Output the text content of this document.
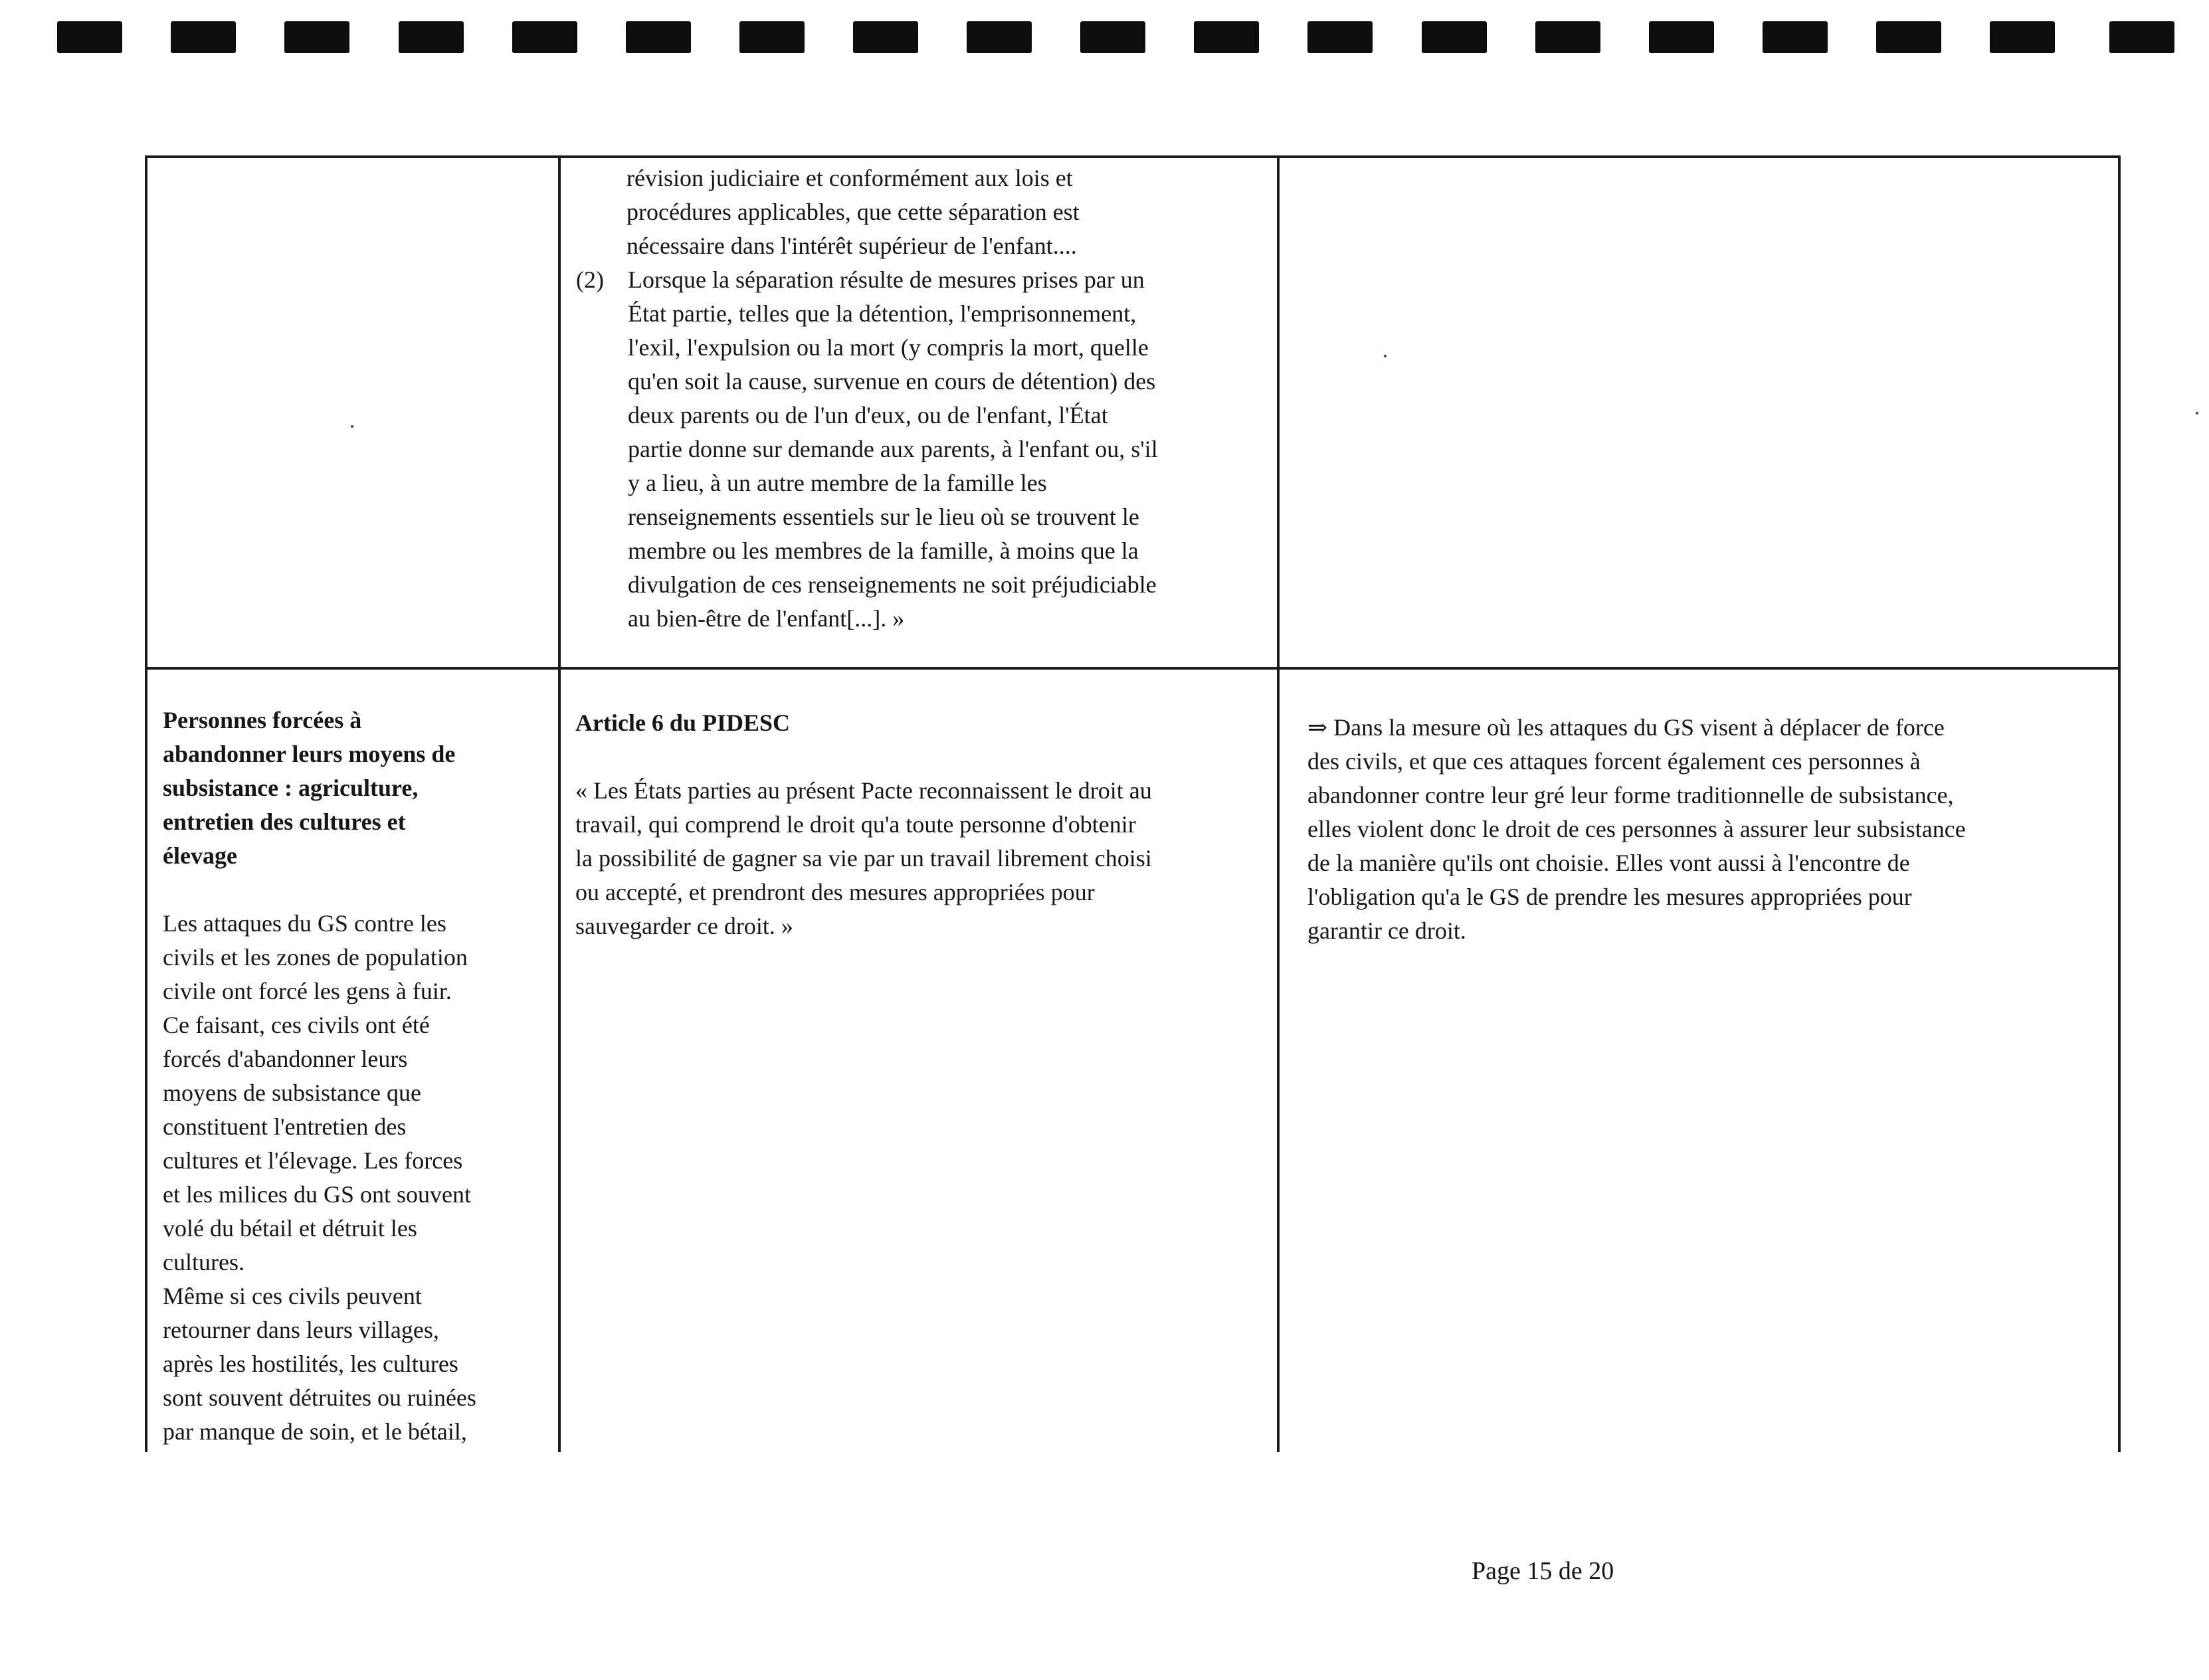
révision judiciaire et conformément aux lois et

procédures applicables, que cette séparation est

nécessaire dans l'intérêt supérieur de l'enfant....

(2) Lorsque la séparation résulte de mesures prises par un

État partie, telles que la détention, l'emprisonnement,

l'exil, l'expulsion ou la mort (y compris la mort, quelle

qu'en soit la cause, survenue en cours de détention) des

deux parents ou de l'un d'eux, ou de l'enfant, l'État

partie donne sur demande aux parents, à l'enfant ou, s'il

y a lieu, à un autre membre de la famille les

renseignements essentiels sur le lieu où se trouvent le

membre ou les membres de la famille, à moins que la

divulgation de ces renseignements ne soit préjudiciable

au bien-être de l'enfant[...]. »

Personnes forcées à

abandonner leurs moyens de

subsistance : agriculture,

entretien des cultures et

élevage

Les attaques du GS contre les

civils et les zones de population

civile ont forcé les gens à fuir.

Ce faisant, ces civils ont été

forcés d'abandonner leurs

moyens de subsistance que

constituent l'entretien des

cultures et l'élevage. Les forces

et les milices du GS ont souvent

volé du bétail et détruit les

cultures.

Même si ces civils peuvent

retourner dans leurs villages,

après les hostilités, les cultures

sont souvent détruites ou ruinées

par manque de soin, et le bétail,

Article 6 du PIDESC

« Les États parties au présent Pacte reconnaissent le droit au

travail, qui comprend le droit qu'a toute personne d'obtenir

la possibilité de gagner sa vie par un travail librement choisi

ou accepté, et prendront des mesures appropriées pour

sauvegarder ce droit. »

⇒ Dans la mesure où les attaques du GS visent à déplacer de force

des civils, et que ces attaques forcent également ces personnes à

abandonner contre leur gré leur forme traditionnelle de subsistance,

elles violent donc le droit de ces personnes à assurer leur subsistance

de la manière qu'ils ont choisie. Elles vont aussi à l'encontre de

l'obligation qu'a le GS de prendre les mesures appropriées pour

garantir ce droit.

Page 15 de 20
